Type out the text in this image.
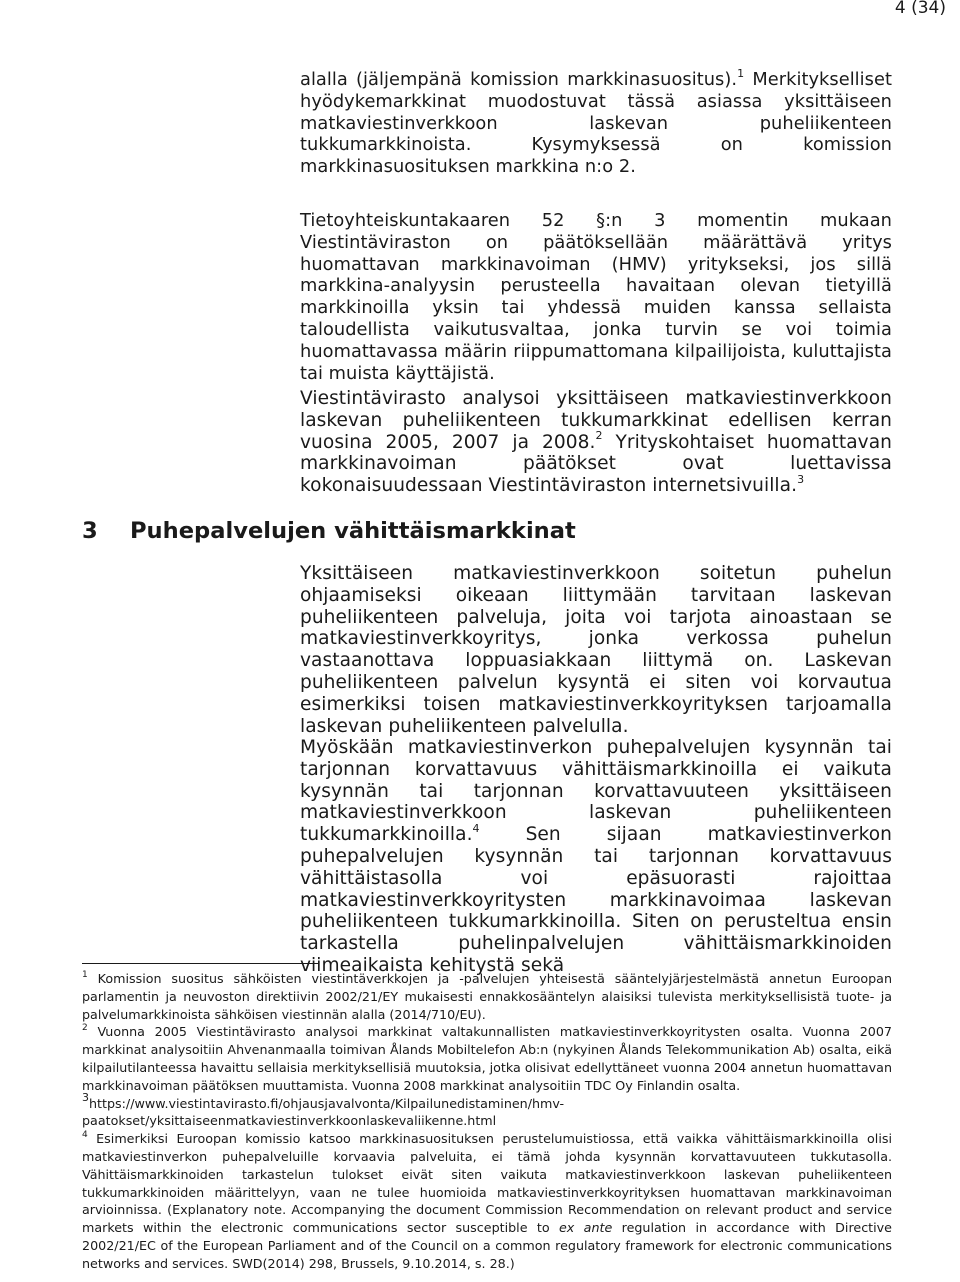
4 (34)

alalla (jäljempänä komission markkinasuositus).$^1$ Merkitykselliset hyödykemarkkinat muodostuvat tässä asiassa yksittäiseen matkaviestinverkkoon laskevan puheliikenteen tukkumarkkinoista. Kysymyksessä on komission markkinasuosituksen markkina n:o 2.

Tietoyhteiskuntakaaren 52 §:n 3 momentin mukaan Viestintäviraston on päätöksellään määrättävä yritys huomattavan markkinavoiman (HMV) yritykseksi, jos sillä markkina-analyysin perusteella havaitaan olevan tietyillä markkinoilla yksin tai yhdessä muiden kanssa sellaista taloudellista vaikutusvaltaa, jonka turvin se voi toimia huomattavassa määrin riippumattomana kilpailijoista, kuluttajista tai muista käyttäjistä.

Viestintävirasto analysoi yksittäiseen matkaviestinverkkoon laskevan puheliikenteen tukkumarkkinat edellisen kerran vuosina 2005, 2007 ja 2008.$^2$ Yrityskohtaiset huomattavan markkinavoiman päätökset ovat luettavissa kokonaisuudessaan Viestintäviraston internetsivuilla.$^3$

3 Puhepalvelujen vähittäismarkkinat

Yksittäiseen matkaviestinverkkoon soitetun puhelun ohjaamiseksi oikeaan liittymään tarvitaan laskevan puheliikenteen palveluja, joita voi tarjota ainoastaan se matkaviestinverkkoyritys, jonka verkossa puhelun vastaanottava loppuasiakkaan liittymä on. Laskevan puheliikenteen palvelun kysyntä ei siten voi korvautua esimerkiksi toisen matkaviestinverkkoyrityksen tarjoamalla laskevan puheliikenteen palvelulla.

Myöskään matkaviestinverkon puhepalvelujen kysynnän tai tarjonnan korvattavuus vähittäismarkkinoilla ei vaikuta kysynnän tai tarjonnan korvattavuuteen yksittäiseen matkaviestinverkkoon laskevan puheliikenteen tukkumarkkinoilla.$^4$ Sen sijaan matkaviestinverkon puhepalvelujen kysynnän tai tarjonnan korvattavuus vähittäistasolla voi epäsuorasti rajoittaa matkaviestinverkkoyritysten markkinavoimaa laskevan puheliikenteen tukkumarkkinoilla. Siten on perusteltua ensin tarkastella puhelinpalvelujen vähittäismarkkinoiden viimeaikaista kehitystä sekä

$^1$ Komission suositus sähköisten viestintäverkkojen ja -palvelujen yhteisestä sääntelyjärjestelmästä annetun Euroopan parlamentin ja neuvoston direktiivin 2002/21/EY mukaisesti ennakkosääntelyn alaisiksi tulevista merkityksellisistä tuote- ja palvelumarkkinoista sähköisen viestinnän alalla (2014/710/EU).

$^2$ Vuonna 2005 Viestintävirasto analysoi markkinat valtakunnallisten matkaviestinverkkoyritysten osalta. Vuonna 2007 markkinat analysoitiin Ahvenanmaalla toimivan Ålands Mobiltelefon Ab:n (nykyinen Ålands Telekommunikation Ab) osalta, eikä kilpailutilanteessa havaittu sellaisia merkityksellisiä muutoksia, jotka olisivat edellyttäneet vuonna 2004 annetun huomattavan markkinavoiman päätöksen muuttamista. Vuonna 2008 markkinat analysoitiin TDC Oy Finlandin osalta.

$^3$https://www.viestintavirasto.fi/ohjausjavalvonta/Kilpailunedistaminen/hmv-
paatokset/yksittaiseenmatkaviestinverkkoonlaskevaliikenne.html

$^4$ Esimerkiksi Euroopan komissio katsoo markkinasuosituksen perustelumuistiossa, että vaikka vähittäismarkkinoilla olisi matkaviestinverkon puhepalveluille korvaavia palveluita, ei tämä johda kysynnän korvattavuuteen tukkutasolla. Vähittäismarkkinoiden tarkastelun tulokset eivät siten vaikuta matkaviestinverkkoon laskevan puheliikenteen tukkumarkkinoiden määrittelyyn, vaan ne tulee huomioida matkaviestinverkkoyrityksen huomattavan markkinavoiman arvioinnissa. (Explanatory note. Accompanying the document Commission Recommendation on relevant product and service markets within the electronic communications sector susceptible to ex ante regulation in accordance with Directive 2002/21/EC of the European Parliament and of the Council on a common regulatory framework for electronic communications networks and services. SWD(2014) 298, Brussels, 9.10.2014, s. 28.)
